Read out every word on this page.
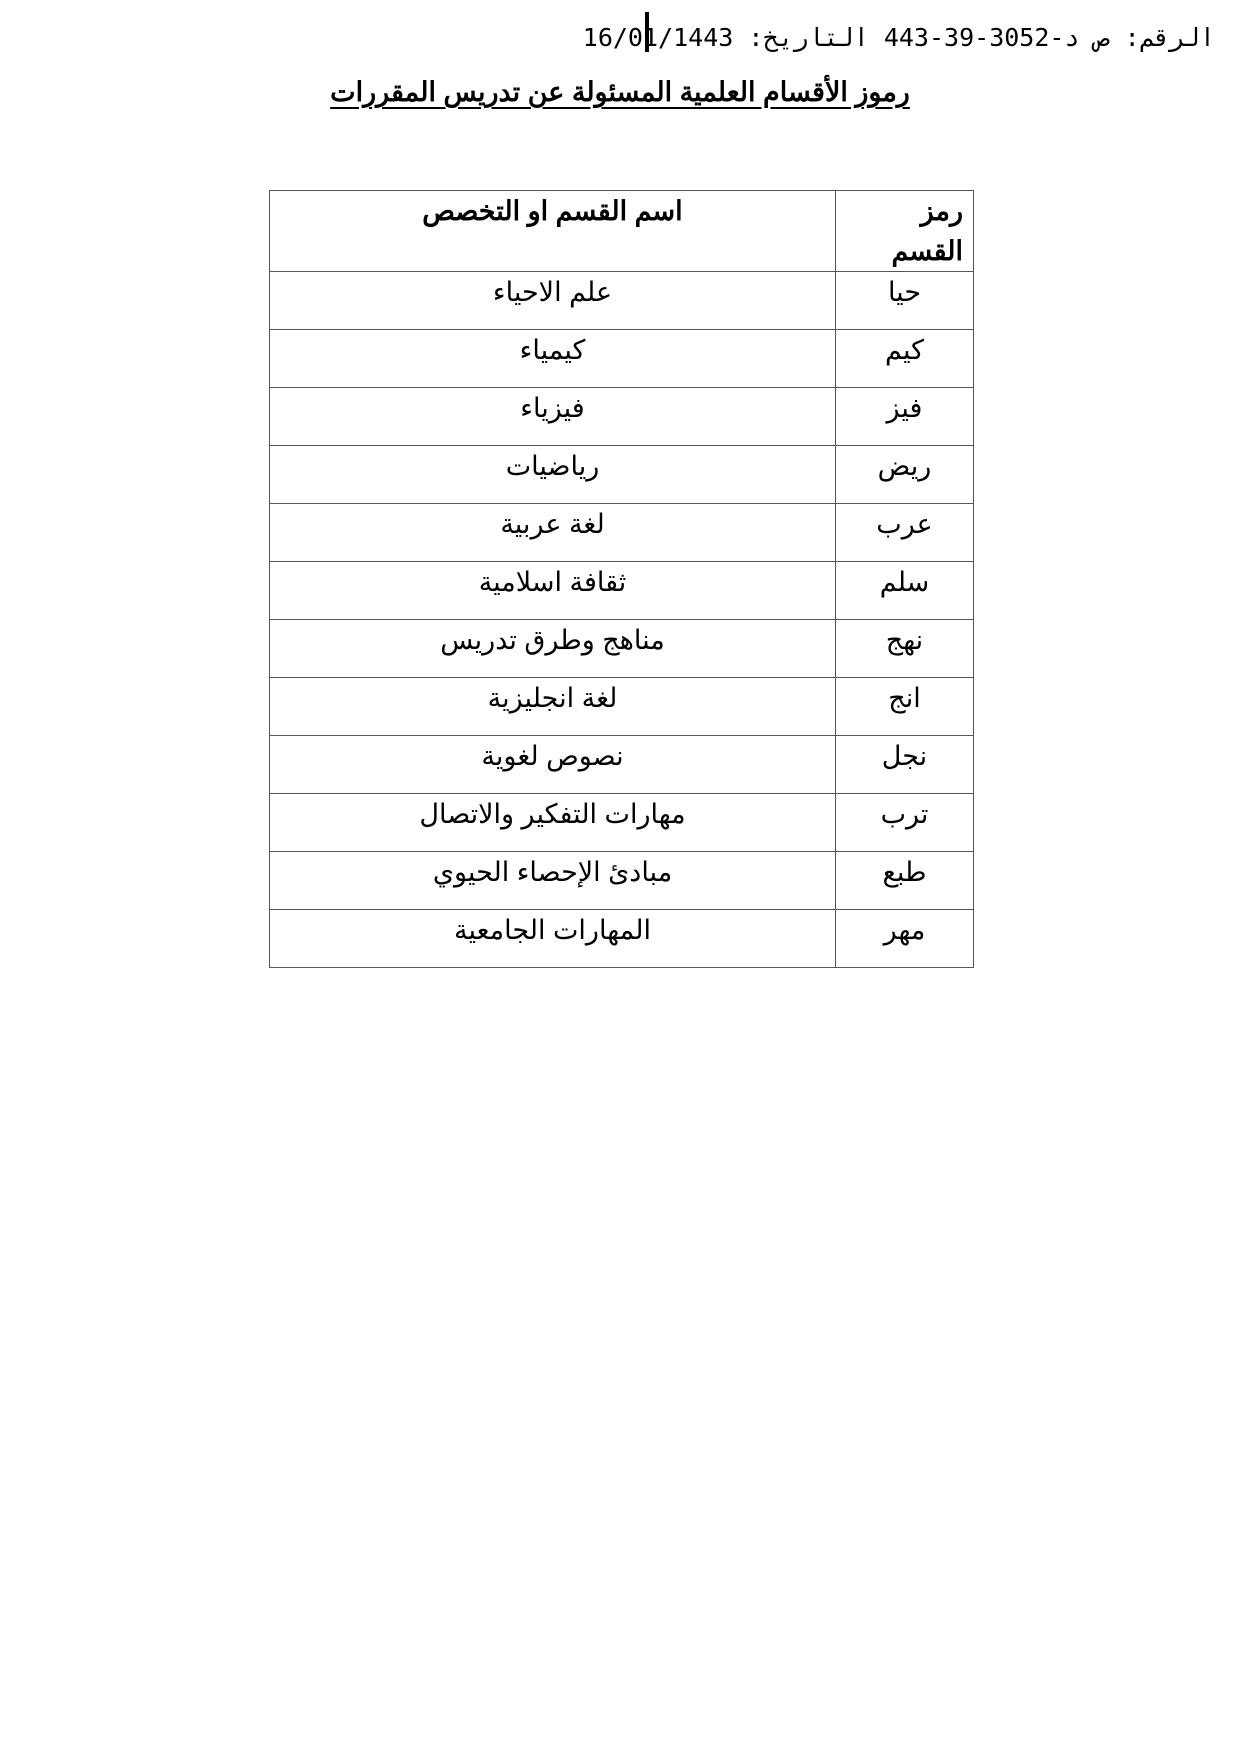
الرقم: ص د-3052-39-443 التاريخ: 16/01/1443
رموز الأقسام العلمية المسئولة عن تدريس المقررات
رمز القسم	اسم القسم او التخصص
حيا	علم الاحياء
كيم	كيمياء
فيز	فيزياء
ريض	رياضيات
عرب	لغة عربية
سلم	ثقافة اسلامية
نهج	مناهج وطرق تدريس
انج	لغة انجليزية
نجل	نصوص لغوية
ترب	مهارات التفكير والاتصال
طبع	مبادئ الإحصاء الحيوي
مهر	المهارات الجامعية
